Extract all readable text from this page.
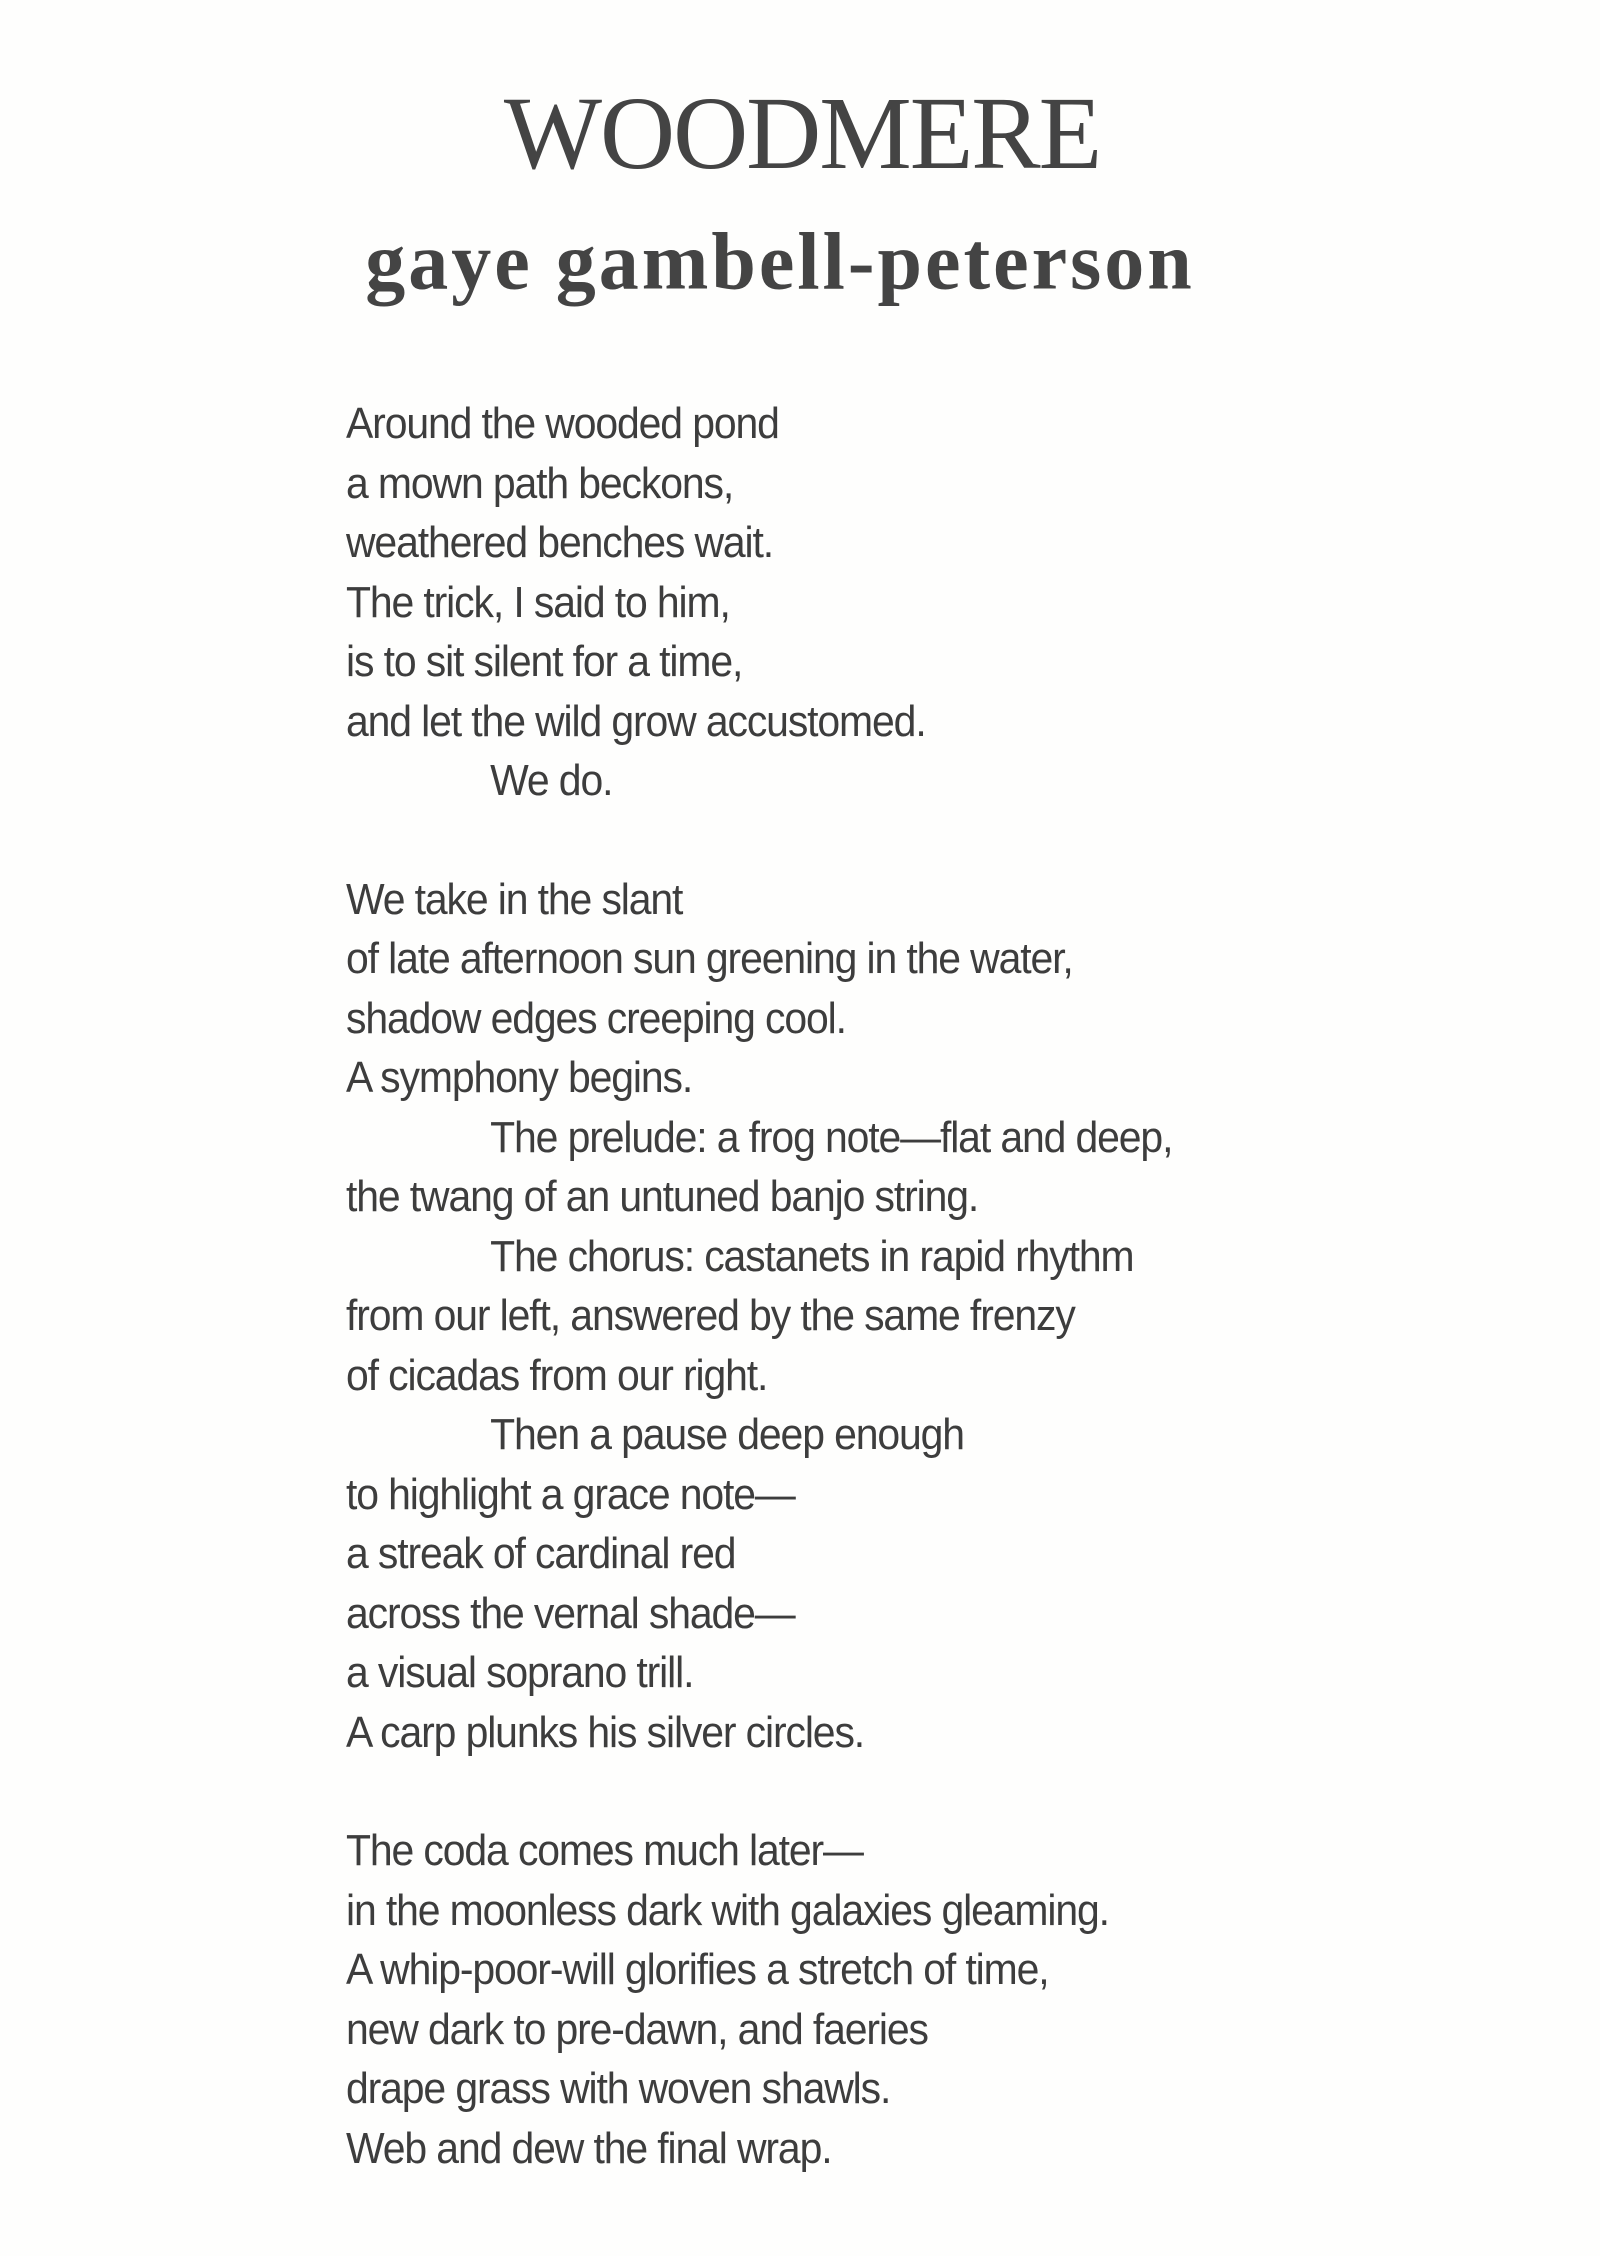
WOODMERE
gaye gambell-peterson
Around the wooded pond
a mown path beckons,
weathered benches wait.
The trick, I said to him,
is to sit silent for a time,
and let the wild grow accustomed.
We do.
We take in the slant
of late afternoon sun greening in the water,
shadow edges creeping cool.
A symphony begins.
The prelude: a frog note—flat and deep,
the twang of an untuned banjo string.
The chorus: castanets in rapid rhythm
from our left, answered by the same frenzy
of cicadas from our right.
Then a pause deep enough
to highlight a grace note—
a streak of cardinal red
across the vernal shade—
a visual soprano trill.
A carp plunks his silver circles.
The coda comes much later—
in the moonless dark with galaxies gleaming.
A whip-poor-will glorifies a stretch of time,
new dark to pre-dawn, and faeries
drape grass with woven shawls.
Web and dew the final wrap.
